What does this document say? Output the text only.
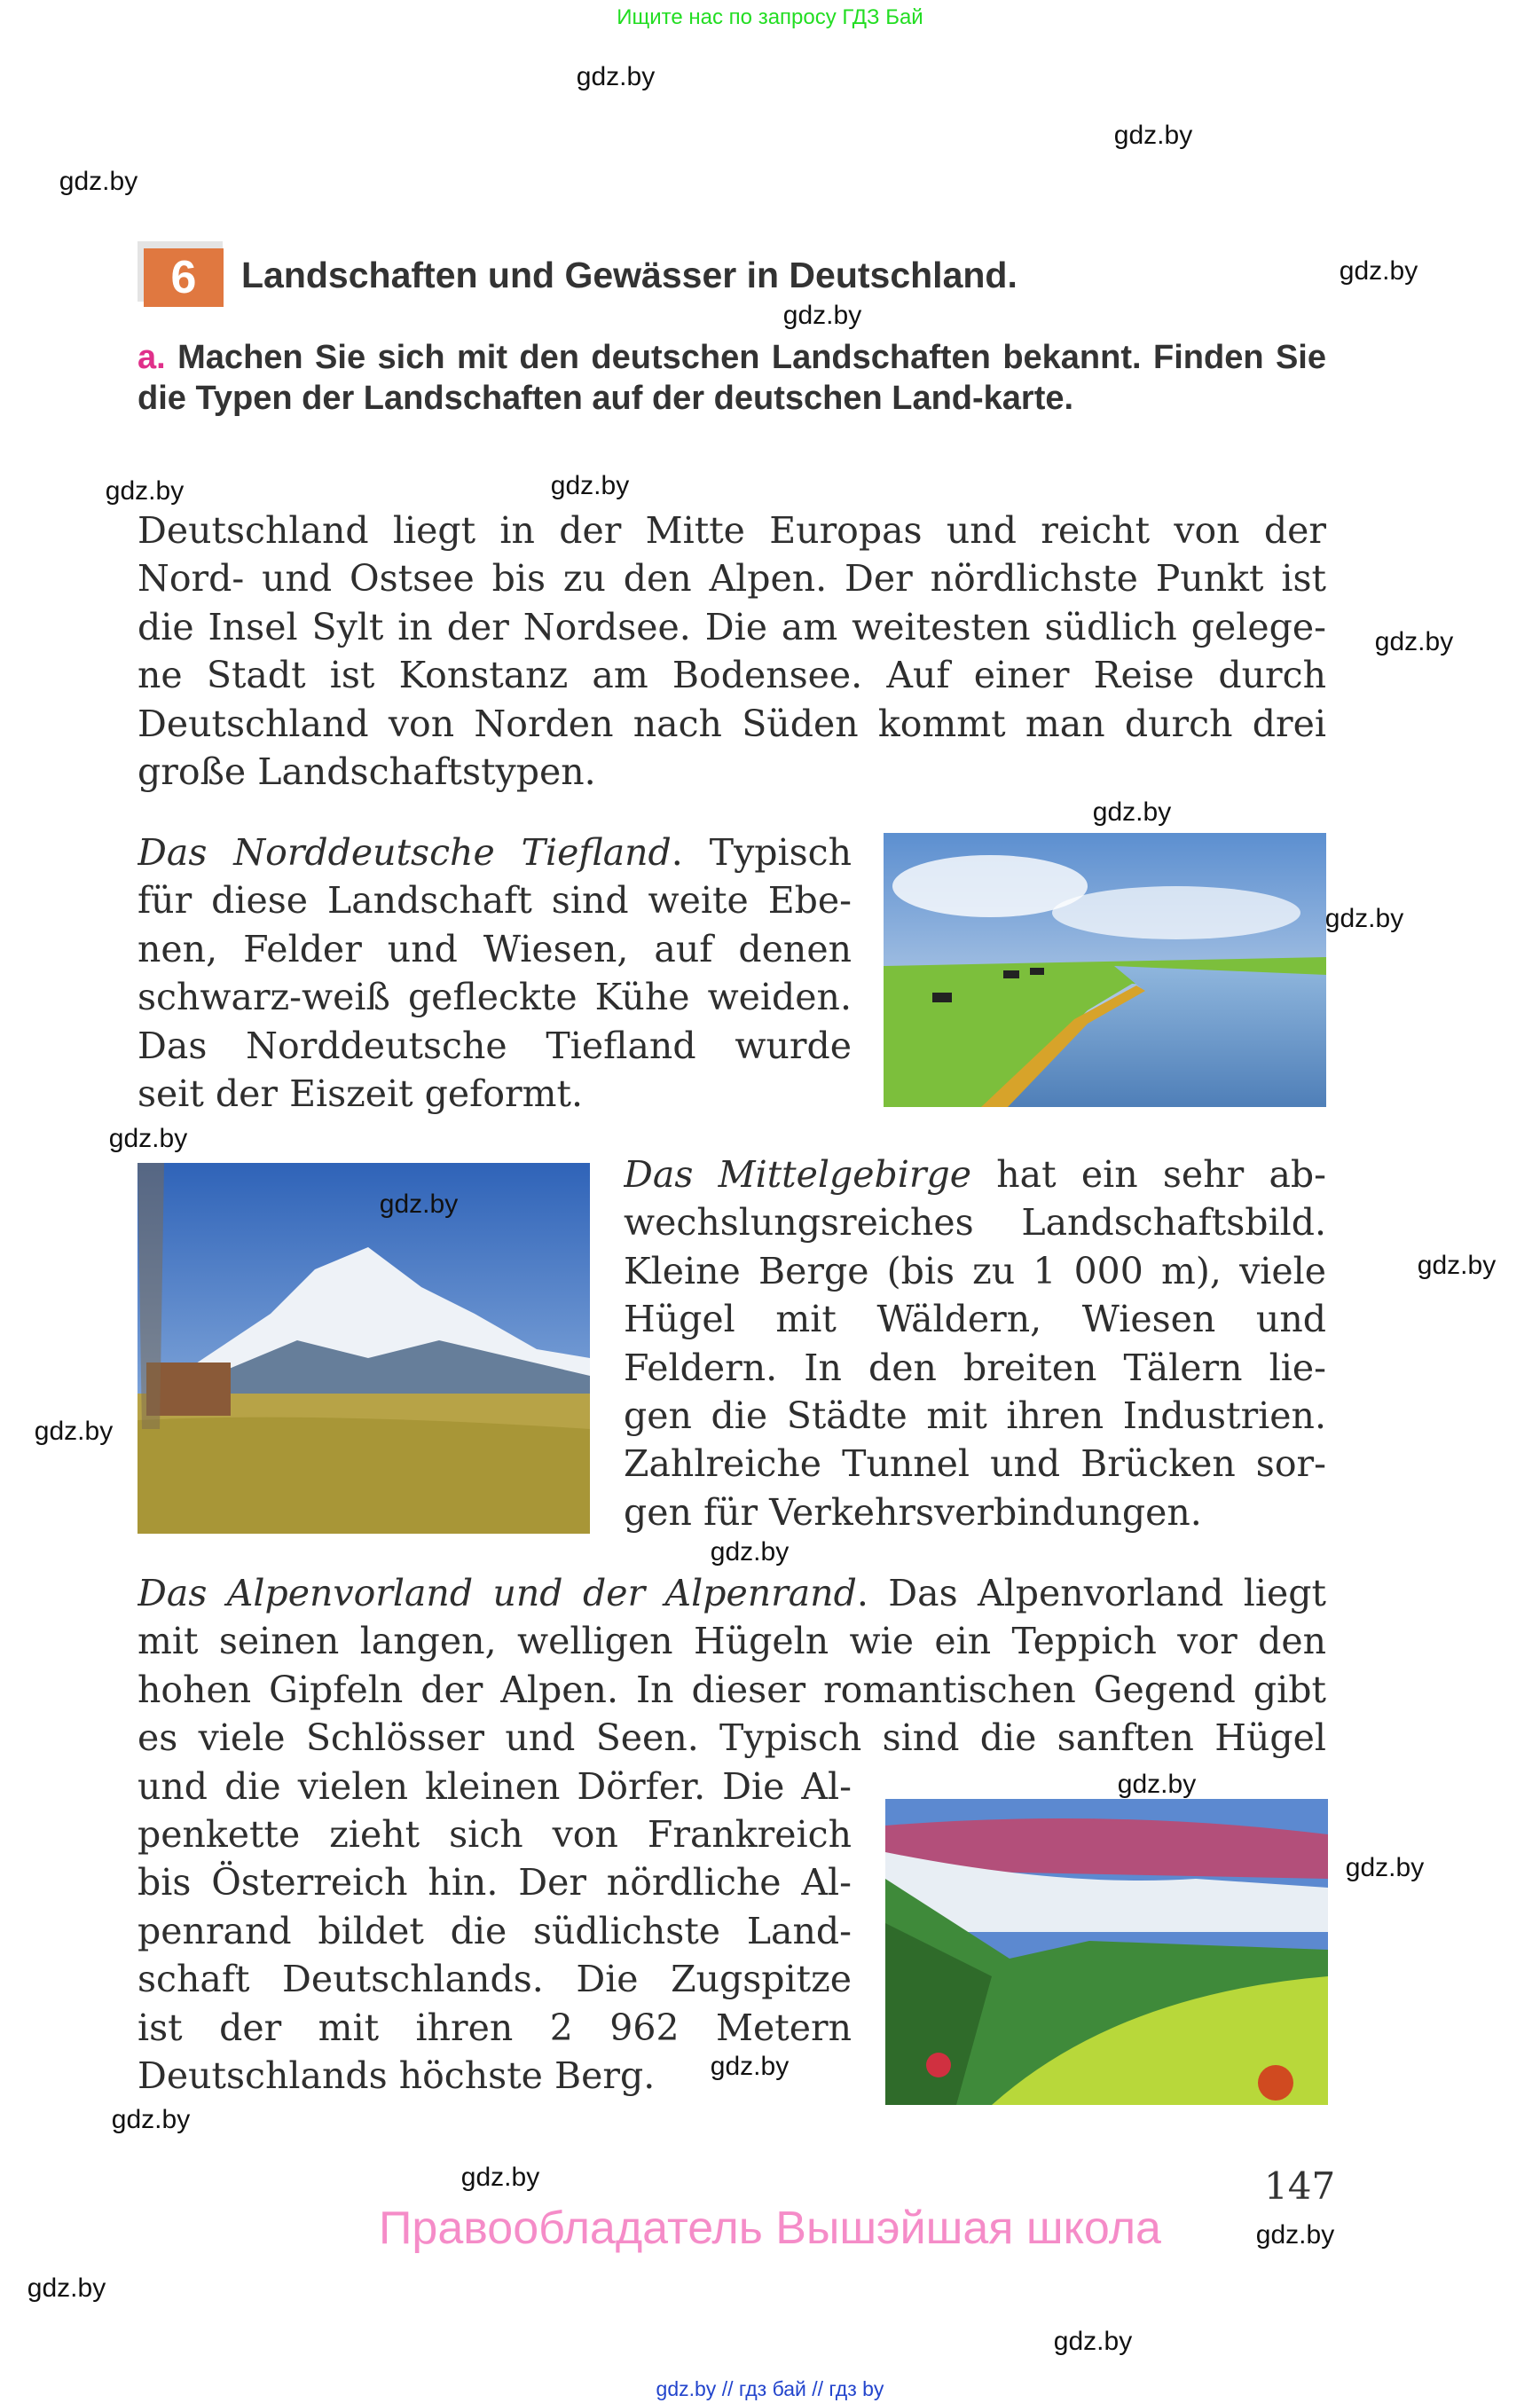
Ищите нас по запросу ГДЗ Бай
6	Landschaften und Gewässer in Deutschland.
a. Machen Sie sich mit den deutschen Landschaften bekannt. Finden Sie die Typen der Landschaften auf der deutschen Land-karte.
Deutschland liegt in der Mitte Europas und reicht von der
Nord- und Ostsee bis zu den Alpen. Der nördlichste Punkt ist
die Insel Sylt in der Nordsee. Die am weitesten südlich gelege-
ne Stadt ist Konstanz am Bodensee. Auf einer Reise durch
Deutschland von Norden nach Süden kommt man durch drei
große Landschaftstypen.
Das Norddeutsche Tiefland. Typisch
für diese Landschaft sind weite Ebe-
nen, Felder und Wiesen, auf denen
schwarz-weiß gefleckte Kühe weiden.
Das Norddeutsche Tiefland wurde
seit der Eiszeit geformt.
Das Mittelgebirge hat ein sehr ab-
wechslungsreiches Landschaftsbild.
Kleine Berge (bis zu 1 000 m), viele
Hügel mit Wäldern, Wiesen und
Feldern. In den breiten Tälern lie-
gen die Städte mit ihren Industrien.
Zahlreiche Tunnel und Brücken sor-
gen für Verkehrsverbindungen.
Das Alpenvorland und der Alpenrand. Das Alpenvorland liegt
mit seinen langen, welligen Hügeln wie ein Teppich vor den
hohen Gipfeln der Alpen. In dieser romantischen Gegend gibt
es viele Schlösser und Seen. Typisch sind die sanften Hügel
und die vielen kleinen Dörfer. Die Al-
penkette zieht sich von Frankreich
bis Österreich hin. Der nördliche Al-
penrand bildet die südlichste Land-
schaft Deutschlands. Die Zugspitze
ist der mit ihren 2 962 Metern
Deutschlands höchste Berg.
147
Правообладатель Вышэйшая школа
gdz.by // гдз бай // гдз by
gdz.by
gdz.by
gdz.by
gdz.by
gdz.by
gdz.by
gdz.by
gdz.by
gdz.by
gdz.by
gdz.by
gdz.by
gdz.by
gdz.by
gdz.by
gdz.by
gdz.by
gdz.by
gdz.by
gdz.by
gdz.by
gdz.by
gdz.by
